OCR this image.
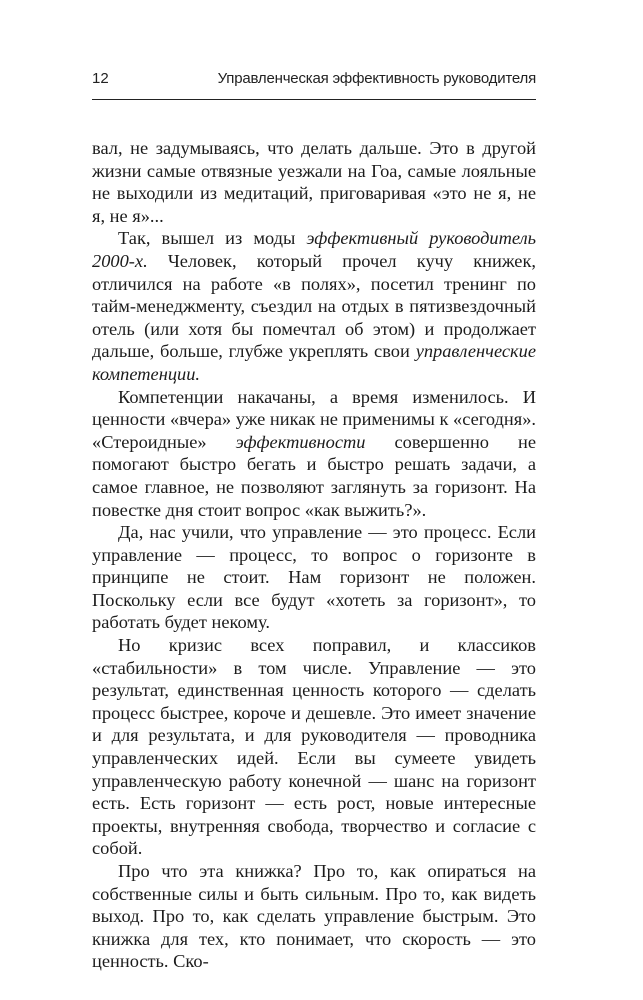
12	Управленческая эффективность руководителя

вал, не задумываясь, что делать дальше. Это в другой жизни самые отвязные уезжали на Гоа, самые лояльные не выходили из медитаций, приговаривая «это не я, не я, не я»...

Так, вышел из моды эффективный руководитель 2000-х. Человек, который прочел кучу книжек, отличился на работе «в полях», посетил тренинг по тайм-менеджменту, съездил на отдых в пятизвездочный отель (или хотя бы помечтал об этом) и продолжает дальше, больше, глубже укреплять свои управленческие компетенции.

Компетенции накачаны, а время изменилось. И ценности «вчера» уже никак не применимы к «сегодня». «Стероидные» эффективности совершенно не помогают быстро бегать и быстро решать задачи, а самое главное, не позволяют заглянуть за горизонт. На повестке дня стоит вопрос «как выжить?».

Да, нас учили, что управление — это процесс. Если управление — процесс, то вопрос о горизонте в принципе не стоит. Нам горизонт не положен. Поскольку если все будут «хотеть за горизонт», то работать будет некому.

Но кризис всех поправил, и классиков «стабильности» в том числе. Управление — это результат, единственная ценность которого — сделать процесс быстрее, короче и дешевле. Это имеет значение и для результата, и для руководителя — проводника управленческих идей. Если вы сумеете увидеть управленческую работу конечной — шанс на горизонт есть. Есть горизонт — есть рост, новые интересные проекты, внутренняя свобода, творчество и согласие с собой.

Про что эта книжка? Про то, как опираться на собственные силы и быть сильным. Про то, как видеть выход. Про то, как сделать управление быстрым. Это книжка для тех, кто понимает, что скорость — это ценность. Ско-
